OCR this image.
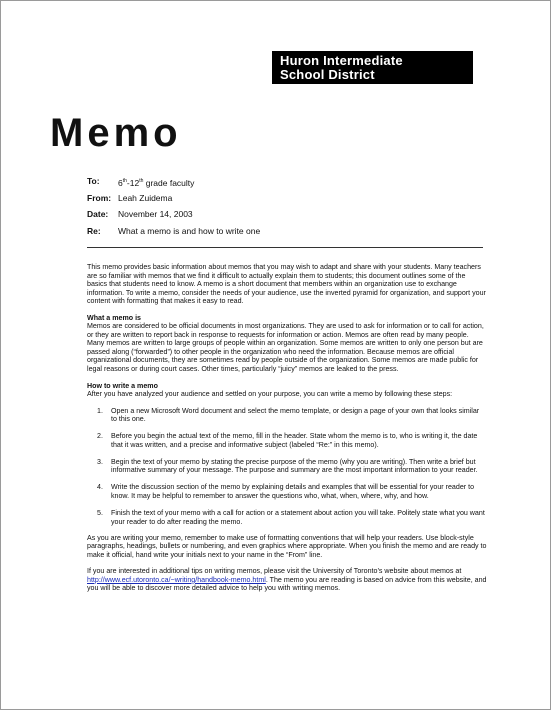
Huron Intermediate
School District
Memo
To: 6th-12th grade faculty
From: Leah Zuidema
Date: November 14, 2003
Re: What a memo is and how to write one

This memo provides basic information about memos that you may wish to adapt and share with your students. Many teachers are so familiar with memos that we find it difficult to actually explain them to students; this document outlines some of the basics that students need to know. A memo is a short document that members within an organization use to exchange information. To write a memo, consider the needs of your audience, use the inverted pyramid for organization, and support your content with formatting that makes it easy to read.

What a memo is

Memos are considered to be official documents in most organizations. They are used to ask for information or to call for action, or they are written to report back in response to requests for information or action. Memos are often read by many people. Many memos are written to large groups of people within an organization. Some memos are written to only one person but are passed along (“forwarded”) to other people in the organization who need the information. Because memos are official organizational documents, they are sometimes read by people outside of the organization. Some memos are made public for legal reasons or during court cases. Other times, particularly “juicy” memos are leaked to the press.

How to write a memo

After you have analyzed your audience and settled on your purpose, you can write a memo by following these steps:

1. Open a new Microsoft Word document and select the memo template, or design a page of your own that looks similar to this one.
2. Before you begin the actual text of the memo, fill in the header. State whom the memo is to, who is writing it, the date that it was written, and a precise and informative subject (labeled “Re:” in this memo).
3. Begin the text of your memo by stating the precise purpose of the memo (why you are writing). Then write a brief but informative summary of your message. The purpose and summary are the most important information to your reader.
4. Write the discussion section of the memo by explaining details and examples that will be essential for your reader to know. It may be helpful to remember to answer the questions who, what, when, where, why, and how.
5. Finish the text of your memo with a call for action or a statement about action you will take. Politely state what you want your reader to do after reading the memo.

As you are writing your memo, remember to make use of formatting conventions that will help your readers. Use block-style paragraphs, headings, bullets or numbering, and even graphics where appropriate. When you finish the memo and are ready to make it official, hand write your initials next to your name in the “From” line.

If you are interested in additional tips on writing memos, please visit the University of Toronto’s website about memos at http://www.ecf.utoronto.ca/~writing/handbook-memo.html. The memo you are reading is based on advice from this website, and you will be able to discover more detailed advice to help you with writing memos.
